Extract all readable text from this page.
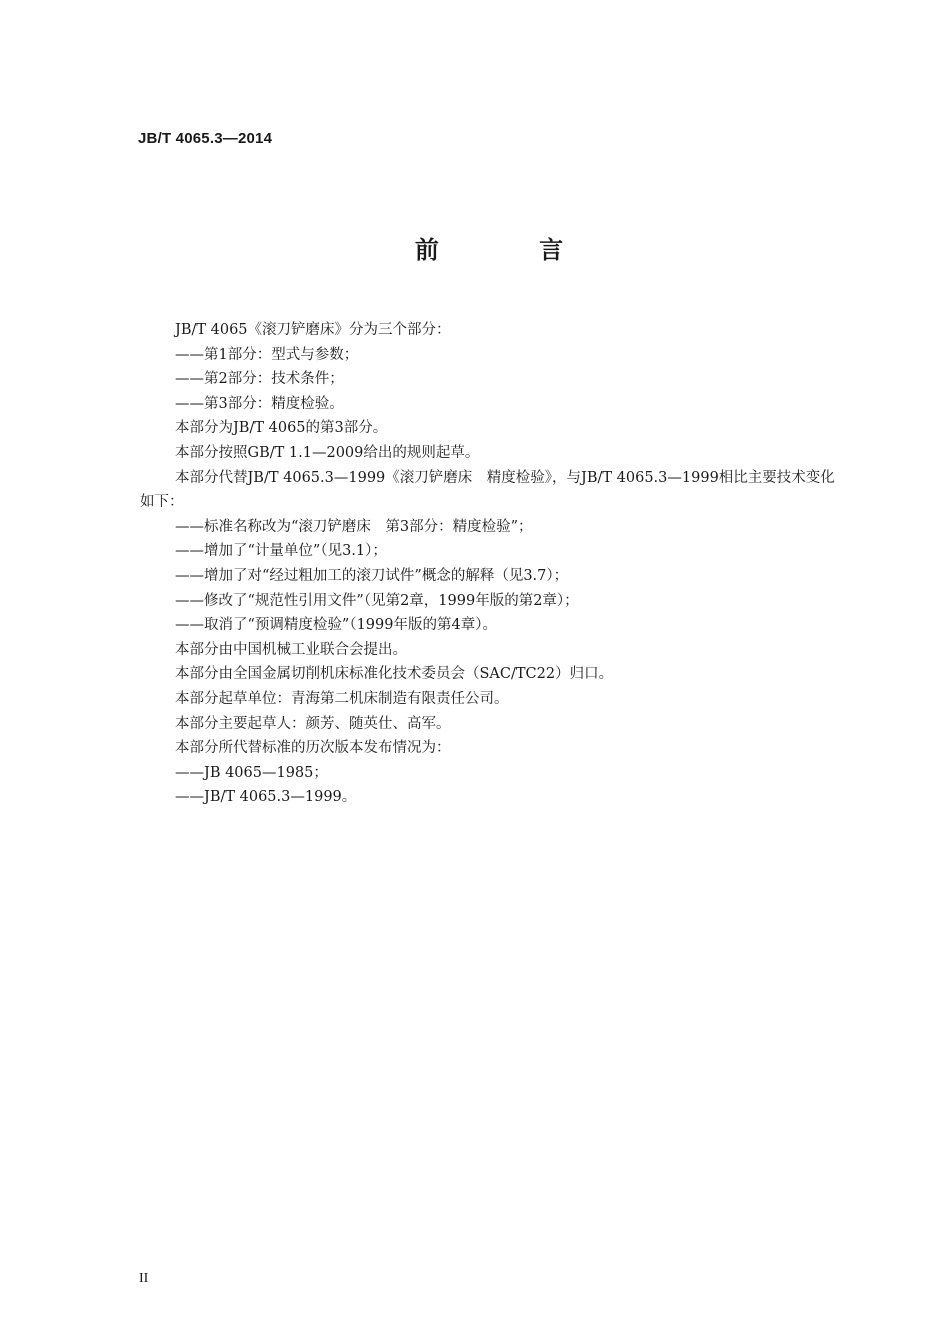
JB/T 4065.3—2014
前 言

JB/T 4065《滚刀铲磨床》分为三个部分：

——第1部分：型式与参数；

——第2部分：技术条件；

——第3部分：精度检验。

本部分为JB/T 4065的第3部分。

本部分按照GB/T 1.1—2009给出的规则起草。

本部分代替JB/T 4065.3—1999《滚刀铲磨床　精度检验》，与JB/T 4065.3—1999相比主要技术变化

如下：

——标准名称改为“滚刀铲磨床　第3部分：精度检验”；

——增加了“计量单位”（见3.1）；

——增加了对“经过粗加工的滚刀试件”概念的解释（见3.7）；

——修改了“规范性引用文件”（见第2章，1999年版的第2章）；

——取消了“预调精度检验”（1999年版的第4章）。

本部分由中国机械工业联合会提出。

本部分由全国金属切削机床标准化技术委员会（SAC/TC22）归口。

本部分起草单位：青海第二机床制造有限责任公司。

本部分主要起草人：颜芳、随英仕、高军。

本部分所代替标准的历次版本发布情况为：

——JB 4065—1985；

——JB/T 4065.3—1999。

II
